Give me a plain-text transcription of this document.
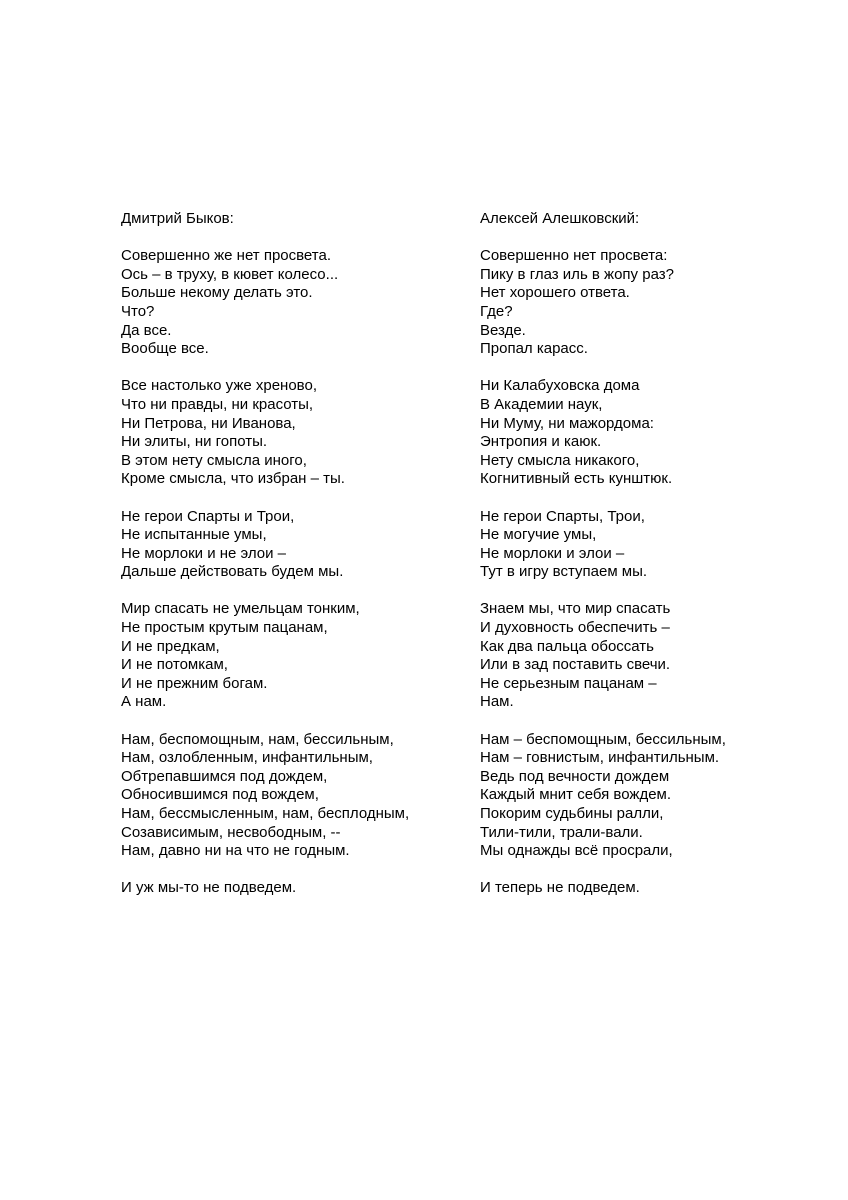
Дмитрий Быков:

Совершенно же нет просвета.
Ось – в труху, в кювет колесо...
Больше некому делать это.
Что?
Да все.
Вообще все.

Все настолько уже хреново,
Что ни правды, ни красоты,
Ни Петрова, ни Иванова,
Ни элиты, ни гопоты.
В этом нету смысла иного,
Кроме смысла, что избран – ты.

Не герои Спарты и Трои,
Не испытанные умы,
Не морлоки и не элои –
Дальше действовать будем мы.

Мир спасать не умельцам тонким,
Не простым крутым пацанам,
И не предкам,
И не потомкам,
И не прежним богам.
А нам.

Нам, беспомощным, нам, бессильным,
Нам, озлобленным, инфантильным,
Обтрепавшимся под дождем,
Обносившимся под вождем,
Нам, бессмысленным, нам, бесплодным,
Созависимым, несвободным, --
Нам, давно ни на что не годным.

И уж мы-то не подведем.

Алексей Алешковский:

Совершенно нет просвета:
Пику в глаз иль в жопу раз?
Нет хорошего ответа.
Где?
Везде.
Пропал карасс.

Ни Калабуховска дома
В Академии наук,
Ни Муму, ни мажордома:
Энтропия и каюк.
Нету смысла никакого,
Когнитивный есть кунштюк.

Не герои Спарты, Трои,
Не могучие умы,
Не морлоки и элои –
Тут в игру вступаем мы.

Знаем мы, что мир спасать
И духовность обеспечить –
Как два пальца обоссать
Или в зад поставить свечи.
Не серьезным пацанам –
Нам.

Нам – беспомощным, бессильным,
Нам – говнистым, инфантильным.
Ведь под вечности дождем
Каждый мнит себя вождем.
Покорим судьбины ралли,
Тили-тили, трали-вали.
Мы однажды всё просрали,

И теперь не подведем.
